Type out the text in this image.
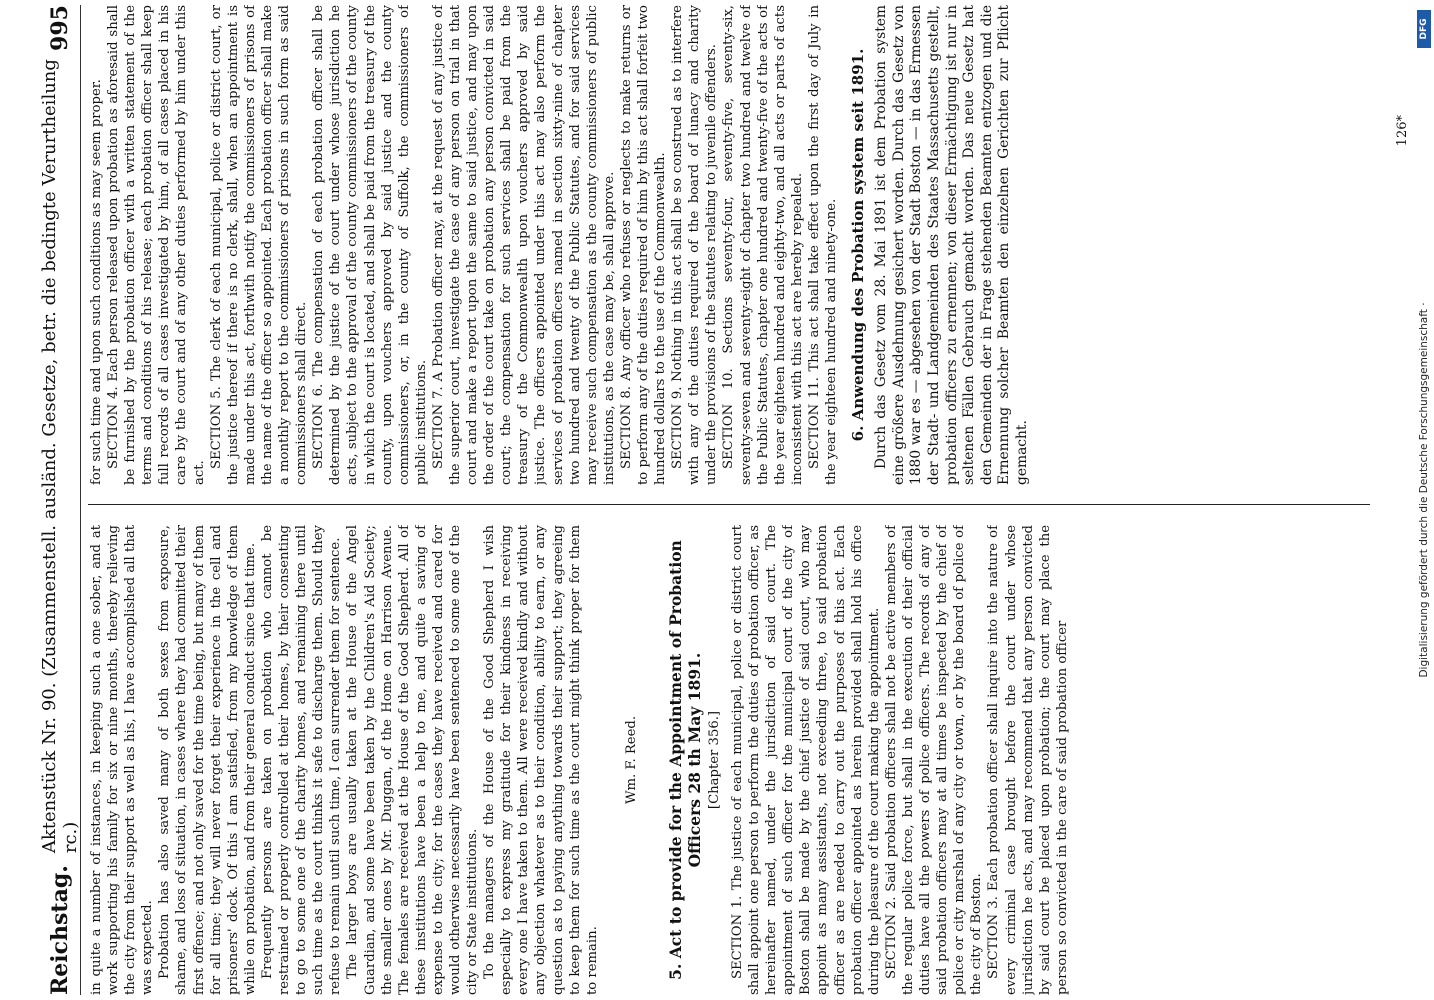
Reichstag.
Aktenstück Nr. 90. (Zusammenstell. ausländ. Gesetze, betr. die bedingte Verurtheilung rc.)
995

in quite a number of instances, in keeping such a one sober, and at work supporting his family for six or nine months, thereby relieving the city from their support as well as his, I have accomplished all that was expected. Probation has also saved many of both sexes from exposure, shame, and loss of situation, in cases where they had committed their first offence; and not only saved for the time being, but many of them for all time; they will never forget their experience in the cell and prisoners' dock. Of this I am satisfied, from my knowledge of them while on probation, and from their general conduct since that time. Frequently persons are taken on probation who cannot be restrained or properly controlled at their homes, by their consenting to go to some one of the charity homes, and remaining there until such time as the court thinks it safe to discharge them. Should they refuse to remain until such time, I can surrender them for sentence. The larger boys are usually taken at the House of the Angel Guardian, and some have been taken by the Children's Aid Society; the smaller ones by Mr. Duggan, of the Home on Harrison Avenue. The females are received at the House of the Good Shepherd. All of these institutions have been a help to me, and quite a saving of expense to the city; for the cases they have received and cared for would otherwise necessarily have been sentenced to some one of the city or State institutions. To the managers of the House of the Good Shepherd I wish especially to express my gratitude for their kindness in receiving every one I have taken to them. All were received kindly and without any objection whatever as to their condition, ability to earn, or any question as to paying anything towards their support; they agreeing to keep them for such time as the court might think proper for them to remain.

Wm. F. Reed. 5. Act to provide for the Appointment of Probation Officers 28 th May 1891. [Chapter 356.] SECTION 1. The justice of each municipal, police or district court shall appoint one person to perform the duties of probation officer, as hereinafter named, under the jurisdiction of said court. The appointment of such officer for the municipal court of the city of Boston shall be made by the chief justice of said court, who may appoint as many assistants, not exceeding three, to said probation officer as are needed to carry out the purposes of this act. Each probation officer appointed as herein provided shall hold his office during the pleasure of the court making the appointment. SECTION 2. Said probation officers shall not be active members of the regular police force, but shall in the execution of their official duties have all the powers of police officers. The records of any of said probation officers may at all times be inspected by the chief of police or city marshal of any city or town, or by the board of police of the city of Boston. SECTION 3. Each probation officer shall inquire into the nature of every criminal case brought before the court under whose jurisdiction he acts, and may recommend that any person convicted by said court be placed upon probation; the court may place the person so convicted in the care of said probation officer

for such time and upon such conditions as may seem proper. SECTION 4. Each person released upon probation as aforesaid shall be furnished by the probation officer with a written statement of the terms and conditions of his release; each probation officer shall keep full records of all cases investigated by him, of all cases placed in his care by the court and of any other duties performed by him under this act.

SECTION 5. The clerk of each municipal, police or district court, or the justice thereof if there is no clerk, shall, when an appointment is made under this act, forthwith notify the commissioners of prisons of the name of the officer so appointed. Each probation officer shall make a monthly report to the commissioners of prisons in such form as said commissioners shall direct. SECTION 6. The compensation of each probation officer shall be determined by the justice of the court under whose jurisdiction he acts, subject to the approval of the county commissioners of the county in which the court is located, and shall be paid from the treasury of the county, upon vouchers approved by said justice and the county commissioners, or, in the county of Suffolk, the commissioners of public institutions. SECTION 7. A Probation officer may, at the request of any justice of the superior court, investigate the case of any person on trial in that court and make a report upon the same to said justice, and may upon the order of the court take on probation any person convicted in said court; the compensation for such services shall be paid from the treasury of the Commonwealth upon vouchers approved by said justice. The officers appointed under this act may also perform the services of probation officers named in section sixty-nine of chapter two hundred and twenty of the Public Statutes, and for said services may receive such compensation as the county commissioners of public institutions, as the case may be, shall approve. SECTION 8. Any officer who refuses or neglects to make returns or to perform any of the duties required of him by this act shall forfeit two hundred dollars to the use of the Commonwealth. SECTION 9. Nothing in this act shall be so construed as to interfere with any of the duties required of the board of lunacy and charity under the provisions of the statutes relating to juvenile offenders. SECTION 10. Sections seventy-four, seventy-five, seventy-six, seventy-seven and seventy-eight of chapter two hundred and twelve of the Public Statutes, chapter one hundred and twenty-five of the acts of the year eighteen hundred and eighty-two, and all acts or parts of acts inconsistent with this act are hereby repealed. SECTION 11. This act shall take effect upon the first day of July in the year eighteen hundred and ninety-one. 6. Anwendung des Probation system seit 1891. Durch das Gesetz vom 28. Mai 1891 ist dem Probation system eine größere Ausdehnung gesichert worden. Durch das Gesetz von 1880 war es — abgesehen von der Stadt Boston — in das Ermessen der Stadt- und Landgemeinden des Staates Massachusetts gestellt, probation officers zu ernennen; von dieser Ermächtigung ist nur in seltenen Fällen Gebrauch gemacht worden. Das neue Gesetz hat den Gemeinden der in Frage stehenden Beamten entzogen und die Ernennung solcher Beamten den einzelnen Gerichten zur Pflicht gemacht.

126*
DFG
Digitalisierung gefördert durch die Deutsche Forschungsgemeinschaft ·
